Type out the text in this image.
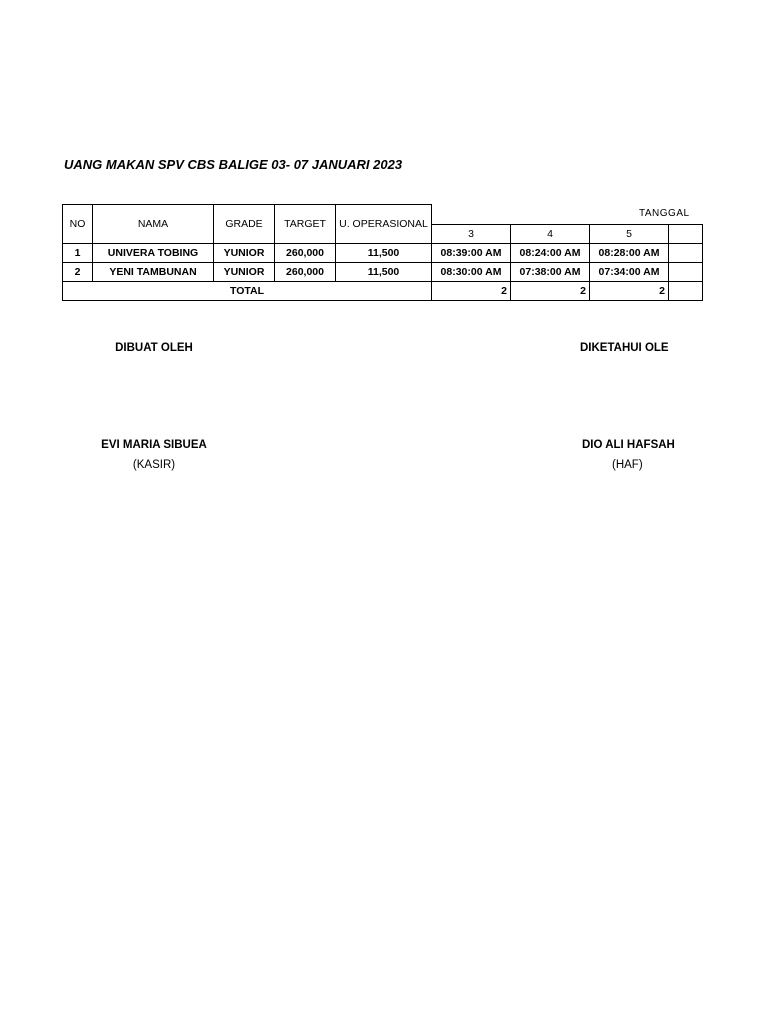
UANG MAKAN SPV CBS BALIGE 03- 07 JANUARI 2023
NO	NAMA	GRADE	TARGET	U. OPERASIONAL	TANGGAL			
					3	4	5	
1	UNIVERA TOBING	YUNIOR	260,000	11,500	08:39:00 AM	08:24:00 AM	08:28:00 AM	
2	YENI TAMBUNAN	YUNIOR	260,000	11,500	08:30:00 AM	07:38:00 AM	07:34:00 AM	
TOTAL					2	2	2	
DIBUAT OLEH
EVI MARIA SIBUEA
(KASIR)
DIKETAHUI OLE
DIO ALI HAFSAH
(HAF)
